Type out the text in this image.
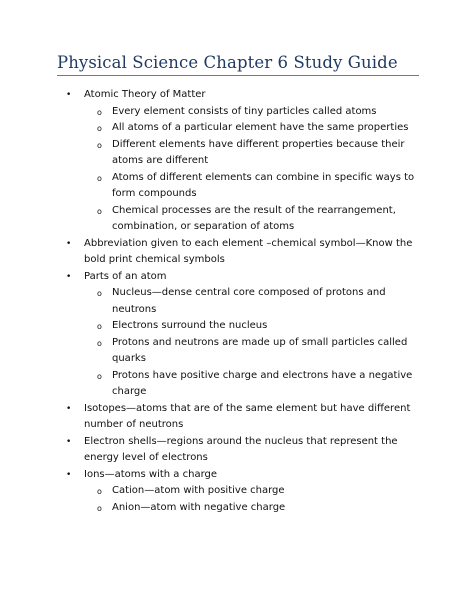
Physical Science Chapter 6 Study Guide
• Atomic Theory of Matter
o Every element consists of tiny particles called atoms
o All atoms of a particular element have the same properties
o Different elements have different properties because their atoms are different
o Atoms of different elements can combine in specific ways to form compounds
o Chemical processes are the result of the rearrangement, combination, or separation of atoms
• Abbreviation given to each element –chemical symbol—Know the bold print chemical symbols
• Parts of an atom
o Nucleus—dense central core composed of protons and neutrons
o Electrons surround the nucleus
o Protons and neutrons are made up of small particles called quarks
o Protons have positive charge and electrons have a negative charge
• Isotopes—atoms that are of the same element but have different number of neutrons
• Electron shells—regions around the nucleus that represent the energy level of electrons
• Ions—atoms with a charge
o Cation—atom with positive charge
o Anion—atom with negative charge
